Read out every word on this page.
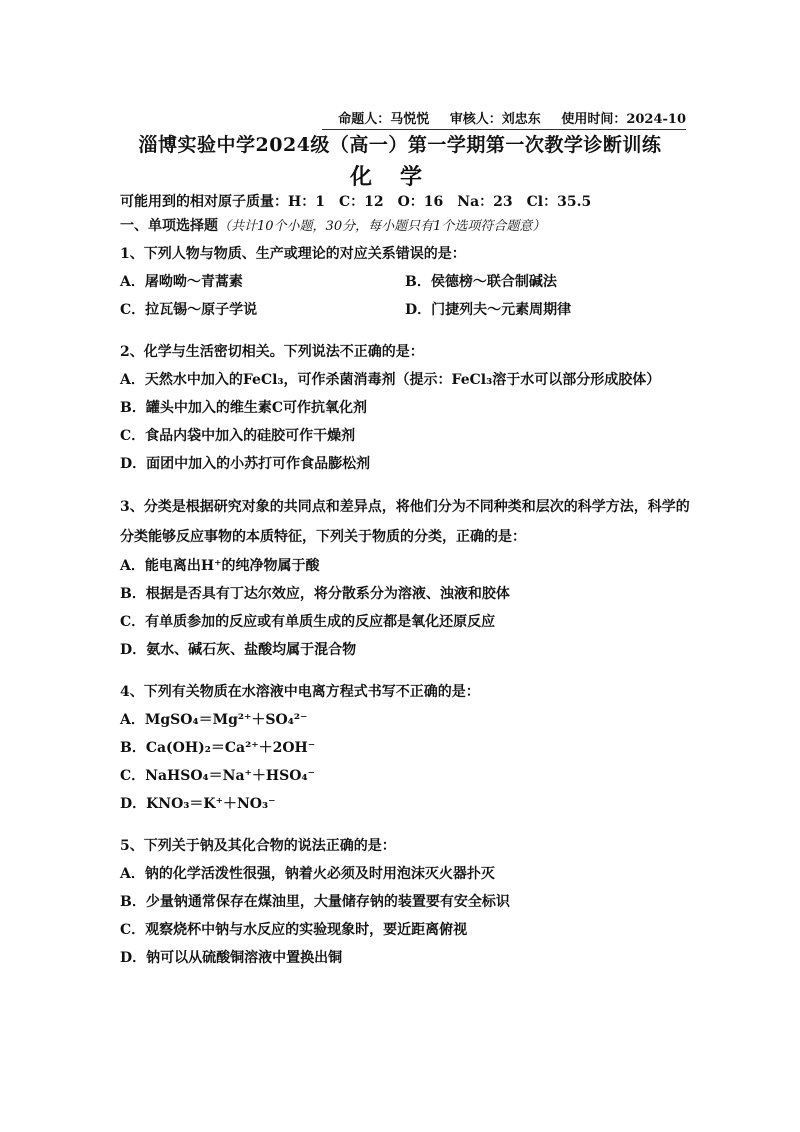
命题人：马悦悦 审核人：刘忠东 使用时间：2024-10
淄博实验中学2024级（高一）第一学期第一次教学诊断训练
化学
可能用到的相对原子质量：H：1　C：12　O：16　Na：23　Cl：35.5
一、单项选择题（共计10个小题，30分，每小题只有1个选项符合题意）
1、下列人物与物质、生产或理论的对应关系错误的是：
A．屠呦呦～青蒿素	B．侯德榜～联合制碱法
C．拉瓦锡～原子学说	D．门捷列夫～元素周期律
2、化学与生活密切相关。下列说法不正确的是：
A．天然水中加入的FeCl₃，可作杀菌消毒剂（提示：FeCl₃溶于水可以部分形成胶体）
B．罐头中加入的维生素C可作抗氧化剂
C．食品内袋中加入的硅胶可作干燥剂
D．面团中加入的小苏打可作食品膨松剂
3、分类是根据研究对象的共同点和差异点，将他们分为不同种类和层次的科学方法，科学的分类能够反应事物的本质特征，下列关于物质的分类，正确的是：
A．能电离出H⁺的纯净物属于酸
B．根据是否具有丁达尔效应，将分散系分为溶液、浊液和胶体
C．有单质参加的反应或有单质生成的反应都是氧化还原反应
D．氨水、碱石灰、盐酸均属于混合物
4、下列有关物质在水溶液中电离方程式书写不正确的是：
A．MgSO₄＝Mg²⁺＋SO₄²⁻
B．Ca(OH)₂＝Ca²⁺＋2OH⁻
C．NaHSO₄＝Na⁺＋HSO₄⁻
D．KNO₃＝K⁺＋NO₃⁻
5、下列关于钠及其化合物的说法正确的是：
A．钠的化学活泼性很强，钠着火必须及时用泡沫灭火器扑灭
B．少量钠通常保存在煤油里，大量储存钠的装置要有安全标识
C．观察烧杯中钠与水反应的实验现象时，要近距离俯视
D．钠可以从硫酸铜溶液中置换出铜
